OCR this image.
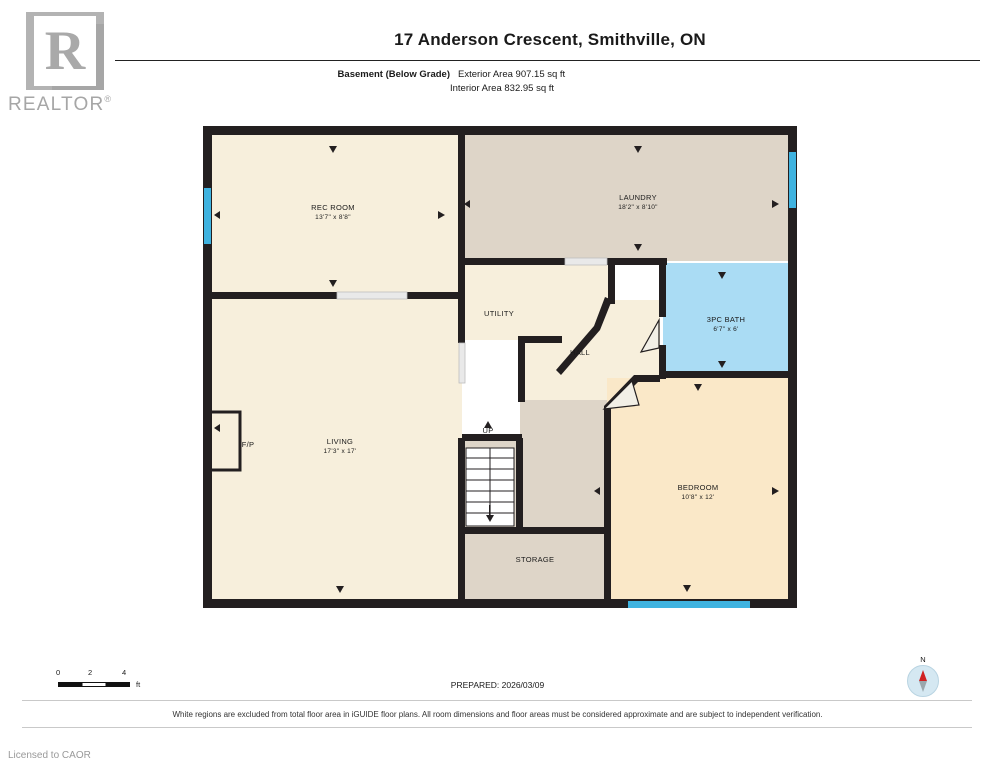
R
REALTOR®
17 Anderson Crescent, Smithville, ON
Basement (Below Grade) Exterior Area 907.15 sq ft
Interior Area 832.95 sq ft
REC ROOM
13'7" x 8'8"
LAUNDRY
18'2" x 8'10"
UTILITY
3PC BATH
6'7" x 6'
HALL
F/P	LIVING
17'3" x 17'
UP
BEDROOM
10'8" x 12'
STORAGE
0	2	4
ft	PREPARED: 2026/03/09
N
White regions are excluded from total floor area in iGUIDE floor plans. All room dimensions and floor areas must be considered approximate and are subject to independent verification.
Licensed to CAOR
